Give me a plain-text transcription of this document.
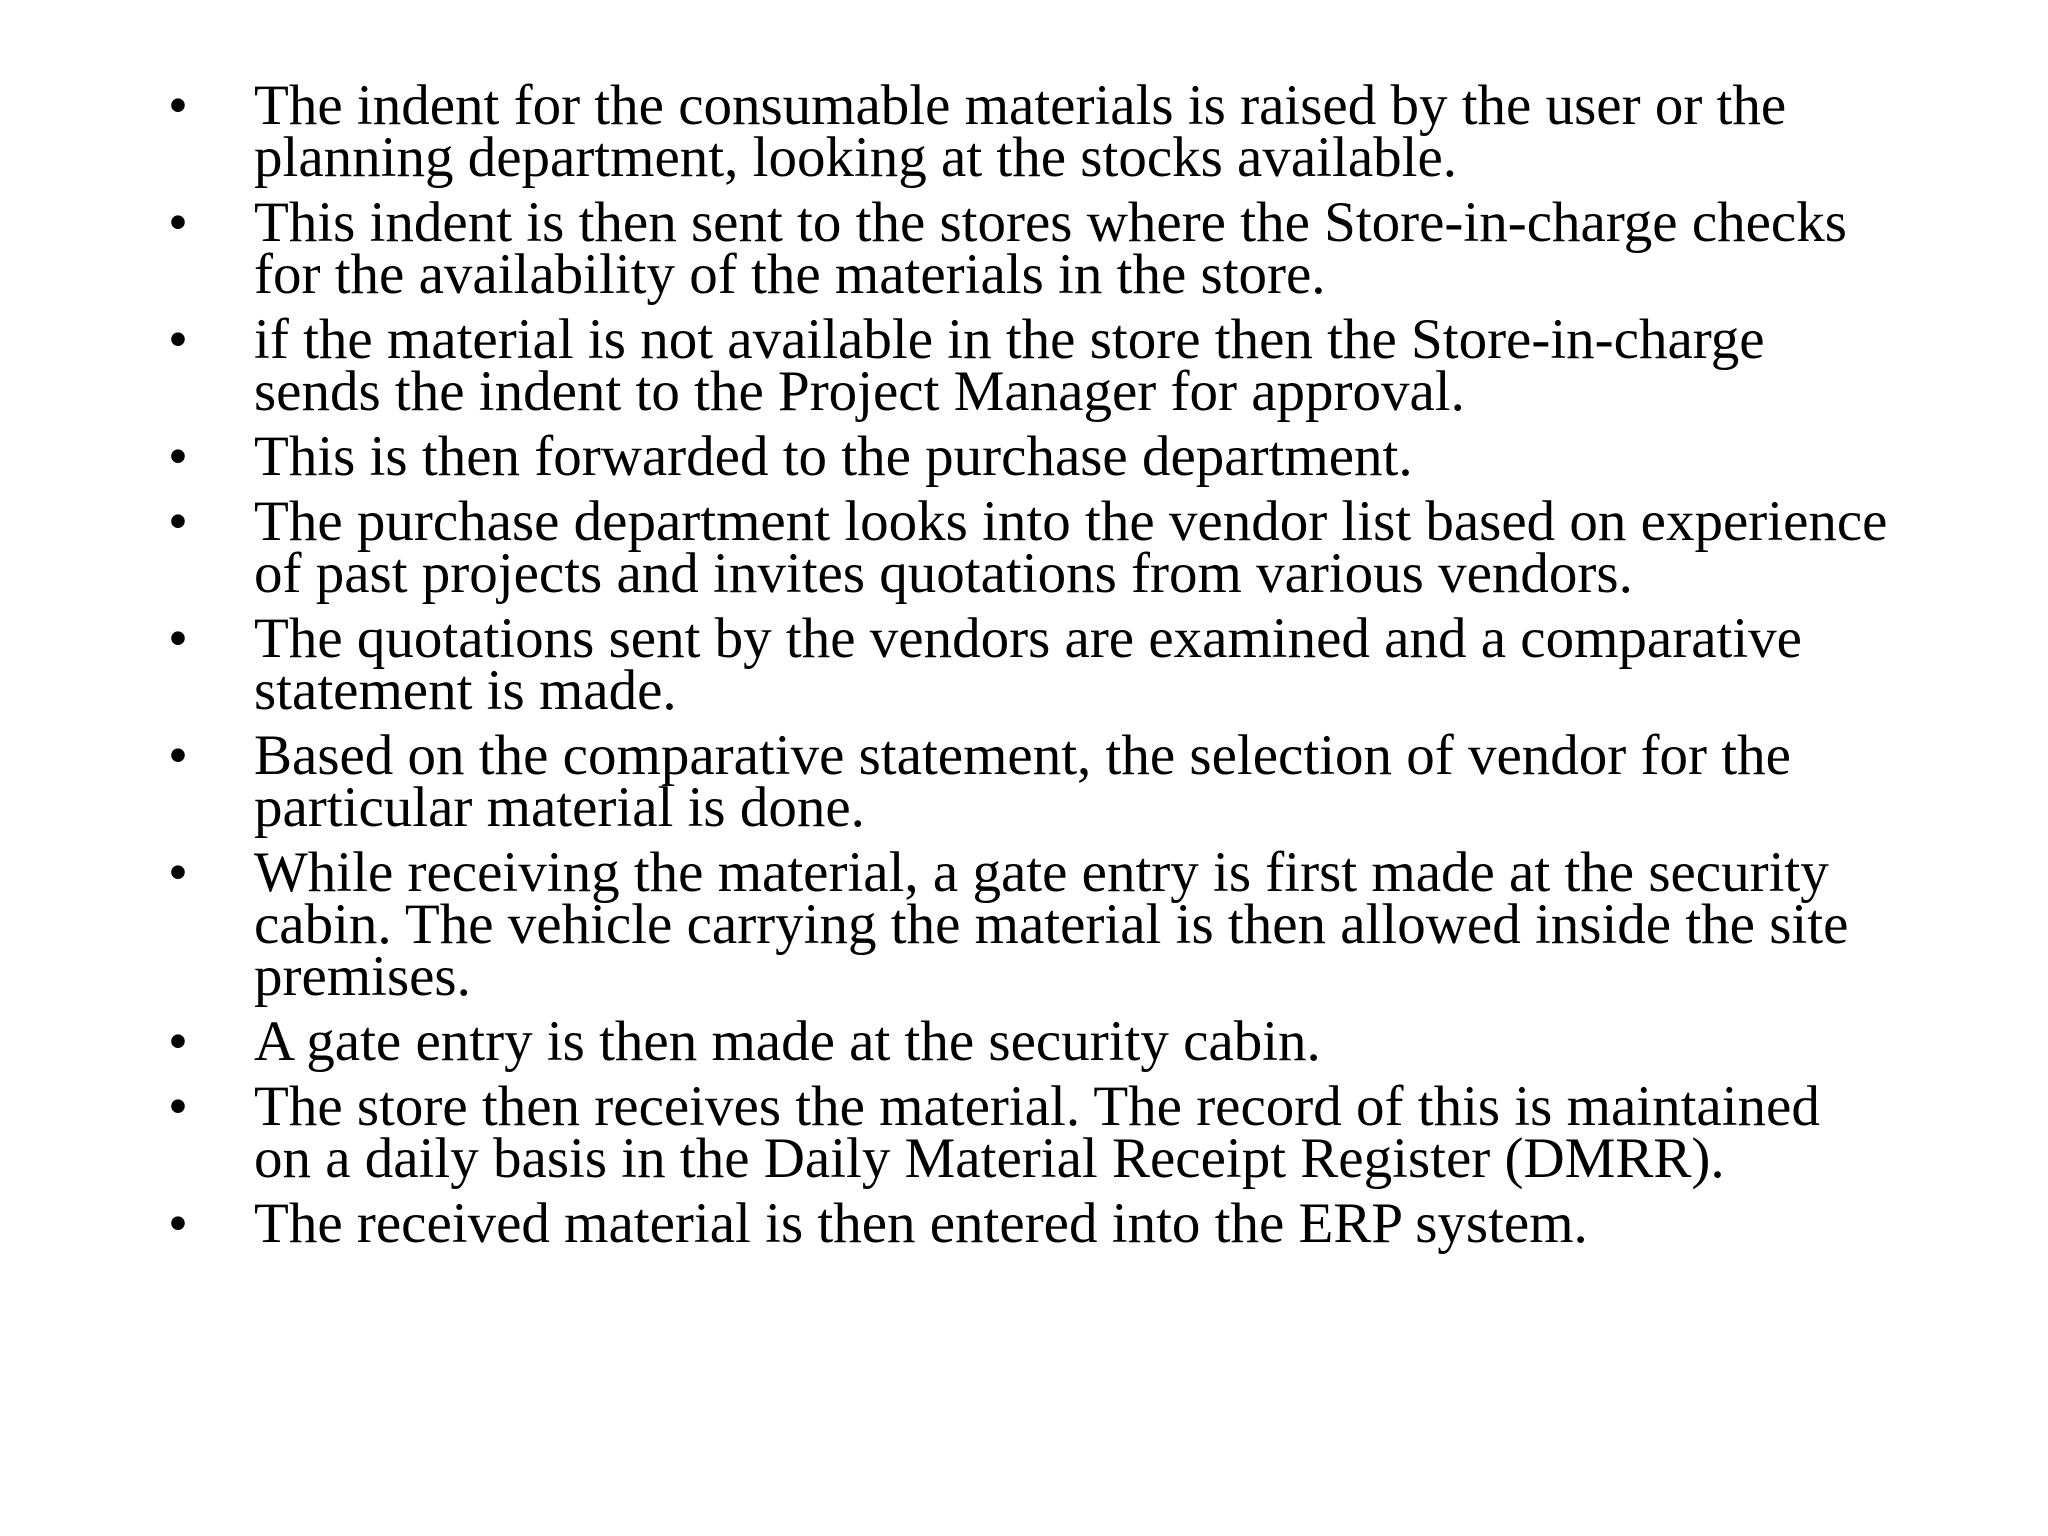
•	The indent for the consumable materials is raised by the user or the planning department, looking at the stocks available.
•	This indent is then sent to the stores where the Store-in-charge checks for the availability of the materials in the store.
•	if the material is not available in the store then the Store-in-charge sends the indent to the Project Manager for approval.
•	This is then forwarded to the purchase department.
•	The purchase department looks into the vendor list based on experience of past projects and invites quotations from various vendors.
•	The quotations sent by the vendors are examined and a comparative statement is made.
•	Based on the comparative statement, the selection of vendor for the particular material is done.
•	While receiving the material, a gate entry is first made at the security cabin. The vehicle carrying the material is then allowed inside the site premises.
•	A gate entry is then made at the security cabin.
•	The store then receives the material. The record of this is maintained on a daily basis in the Daily Material Receipt Register (DMRR).
•	The received material is then entered into the ERP system.
